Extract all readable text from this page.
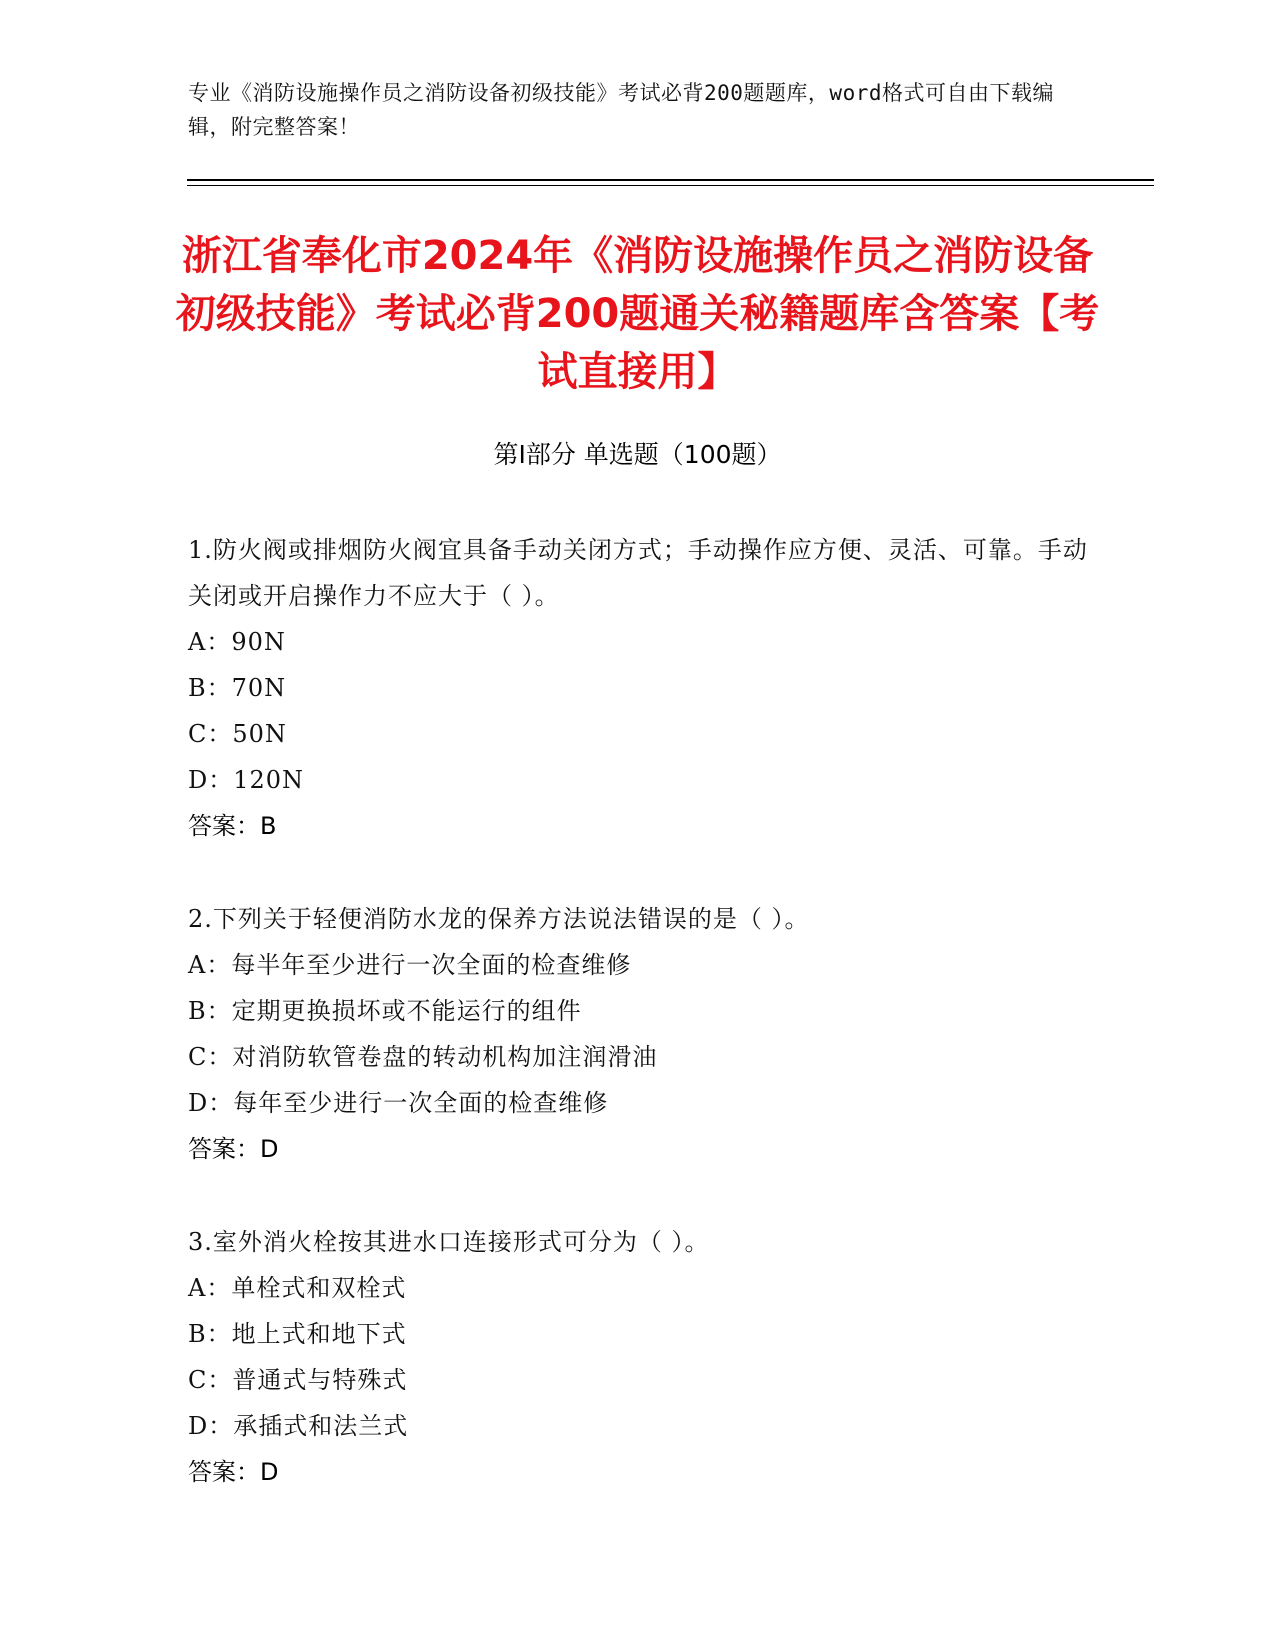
专业《消防设施操作员之消防设备初级技能》考试必背200题题库，word格式可自由下载编辑，附完整答案！
浙江省奉化市2024年《消防设施操作员之消防设备初级技能》考试必背200题通关秘籍题库含答案【考试直接用】
第I部分 单选题（100题）
1.防火阀或排烟防火阀宜具备手动关闭方式；手动操作应方便、灵活、可靠。手动关闭或开启操作力不应大于（ ）。
A：90N
B：70N
C：50N
D：120N
答案：B
2.下列关于轻便消防水龙的保养方法说法错误的是（ ）。
A：每半年至少进行一次全面的检查维修
B：定期更换损坏或不能运行的组件
C：对消防软管卷盘的转动机构加注润滑油
D：每年至少进行一次全面的检查维修
答案：D
3.室外消火栓按其进水口连接形式可分为（ ）。
A：单栓式和双栓式
B：地上式和地下式
C：普通式与特殊式
D：承插式和法兰式
答案：D
